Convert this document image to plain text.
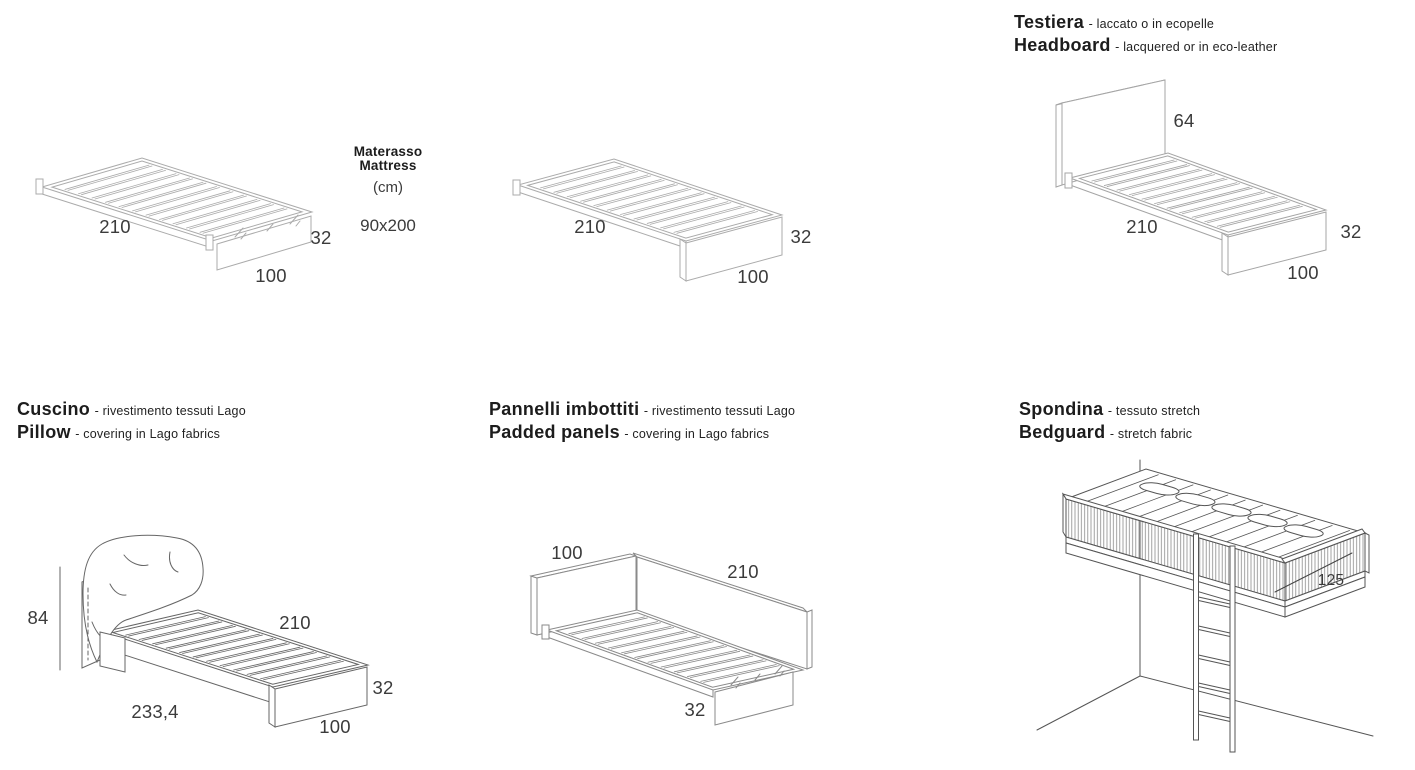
210
32
100
Materasso
Mattress
(cm)
90x200	210	32
100
Testiera - laccato o in ecopelle
Headboard - lacquered or in eco-leather
64
210	32
100
Cuscino - rivestimento tessuti Lago
Pillow - covering in Lago fabrics
84	210
233,4
32
100
Pannelli imbottiti - rivestimento tessuti Lago
Padded panels - covering in Lago fabrics
100
210
32
Spondina - tessuto stretch
Bedguard - stretch fabric
125
